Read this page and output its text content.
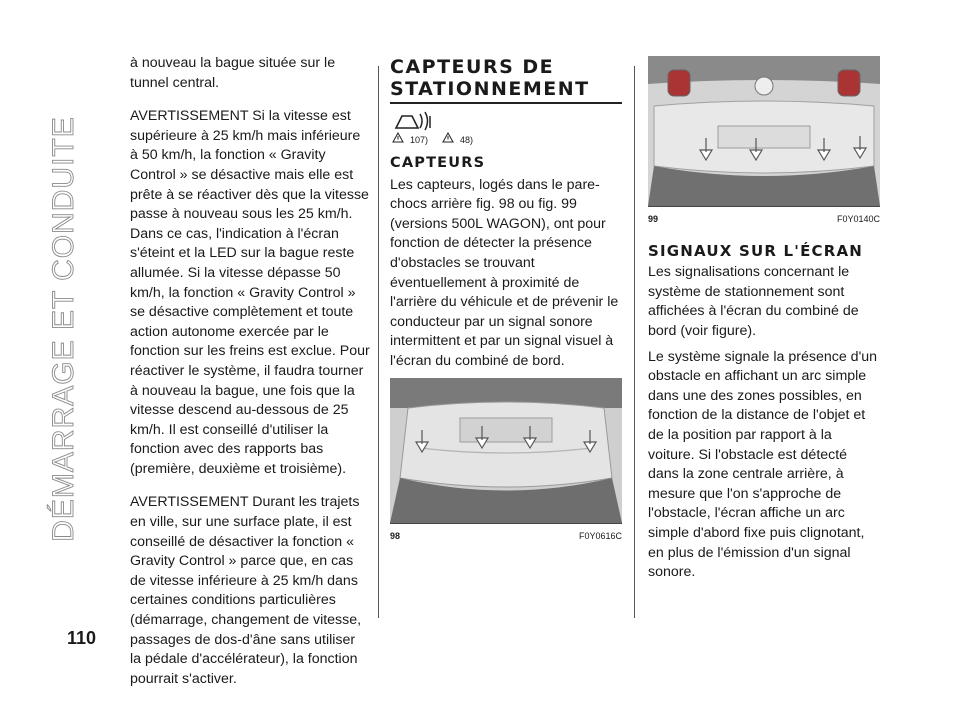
DÉMARRAGE ET CONDUITE
110

à nouveau la bague située sur le tunnel central.

AVERTISSEMENT Si la vitesse est supérieure à 25 km/h mais inférieure à 50 km/h, la fonction « Gravity Control » se désactive mais elle est prête à se réactiver dès que la vitesse passe à nouveau sous les 25 km/h. Dans ce cas, l'indication à l'écran s'éteint et la LED sur la bague reste allumée. Si la vitesse dépasse 50 km/h, la fonction « Gravity Control » se désactive complètement et toute action autonome exercée par le fonction sur les freins est exclue. Pour réactiver le système, il faudra tourner à nouveau la bague, une fois que la vitesse descend au-dessous de 25 km/h. Il est conseillé d'utiliser la fonction avec des rapports bas (première, deuxième et troisième).

AVERTISSEMENT Durant les trajets en ville, sur une surface plate, il est conseillé de désactiver la fonction « Gravity Control » parce que, en cas de vitesse inférieure à 25 km/h dans certaines conditions particulières (démarrage, changement de vitesse, passages de dos-d'âne sans utiliser la pédale d'accélérateur), la fonction pourrait s'activer.

CAPTEURS DE STATIONNEMENT
107)	48)
CAPTEURS

Les capteurs, logés dans le pare-chocs arrière fig. 98 ou fig. 99 (versions 500L WAGON), ont pour fonction de détecter la présence d'obstacles se trouvant éventuellement à proximité de l'arrière du véhicule et de prévenir le conducteur par un signal sonore intermittent et par un signal visuel à l'écran du combiné de bord.

98	F0Y0616C
99	F0Y0140C
SIGNAUX SUR L'ÉCRAN

Les signalisations concernant le système de stationnement sont affichées à l'écran du combiné de bord (voir figure).

Le système signale la présence d'un obstacle en affichant un arc simple dans une des zones possibles, en fonction de la distance de l'objet et de la position par rapport à la voiture. Si l'obstacle est détecté dans la zone centrale arrière, à mesure que l'on s'approche de l'obstacle, l'écran affiche un arc simple d'abord fixe puis clignotant, en plus de l'émission d'un signal sonore.
